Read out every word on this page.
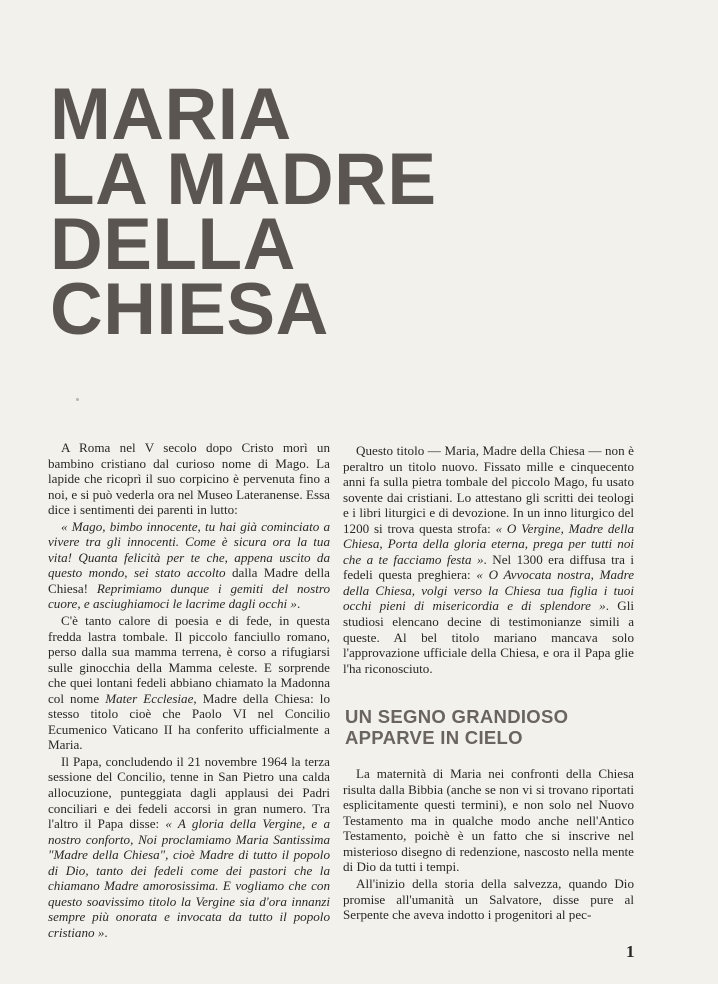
MARIA
LA MADRE
DELLA
CHIESA

A Roma nel V secolo dopo Cristo morì un bambino cristiano dal curioso nome di Mago. La lapide che ricoprì il suo corpicino è pervenuta fino a noi, e si può vederla ora nel Museo Lateranense. Essa dice i sentimenti dei parenti in lutto:

« Mago, bimbo innocente, tu hai già cominciato a vivere tra gli innocenti. Come è sicura ora la tua vita! Quanta felicità per te che, appena uscito da questo mondo, sei stato accolto dalla Madre della Chiesa! Reprimiamo dunque i gemiti del nostro cuore, e asciughiamoci le lacrime dagli occhi ».

C'è tanto calore di poesia e di fede, in questa fredda lastra tombale. Il piccolo fanciullo romano, perso dalla sua mamma terrena, è corso a rifugiarsi sulle ginocchia della Mamma celeste. E sorprende che quei lontani fedeli abbiano chiamato la Madonna col nome Mater Ecclesiae, Madre della Chiesa: lo stesso titolo cioè che Paolo VI nel Concilio Ecumenico Vaticano II ha conferito ufficialmente a Maria.

Il Papa, concludendo il 21 novembre 1964 la terza sessione del Concilio, tenne in San Pietro una calda allocuzione, punteggiata dagli applausi dei Padri conciliari e dei fedeli accorsi in gran numero. Tra l'altro il Papa disse: « A gloria della Vergine, e a nostro conforto, Noi proclamiamo Maria Santissima "Madre della Chiesa", cioè Madre di tutto il popolo di Dio, tanto dei fedeli come dei pastori che la chiamano Madre amorosissima. E vogliamo che con questo soavissimo titolo la Vergine sia d'ora innanzi sempre più onorata e invocata da tutto il popolo cristiano ».

Questo titolo — Maria, Madre della Chiesa — non è peraltro un titolo nuovo. Fissato mille e cinquecento anni fa sulla pietra tombale del piccolo Mago, fu usato sovente dai cristiani. Lo attestano gli scritti dei teologi e i libri liturgici e di devozione. In un inno liturgico del 1200 si trova questa strofa: « O Vergine, Madre della Chiesa, Porta della gloria eterna, prega per tutti noi che a te facciamo festa ». Nel 1300 era diffusa tra i fedeli questa preghiera: « O Avvocata nostra, Madre della Chiesa, volgi verso la Chiesa tua figlia i tuoi occhi pieni di misericordia e di splendore ». Gli studiosi elencano decine di testimonianze simili a queste. Al bel titolo mariano mancava solo l'approvazione ufficiale della Chiesa, e ora il Papa glie l'ha riconosciuto.

UN SEGNO GRANDIOSO
APPARVE IN CIELO

La maternità di Maria nei confronti della Chiesa risulta dalla Bibbia (anche se non vi si trovano riportati esplicitamente questi termini), e non solo nel Nuovo Testamento ma in qualche modo anche nell'Antico Testamento, poichè è un fatto che si inscrive nel misterioso disegno di redenzione, nascosto nella mente di Dio da tutti i tempi.

All'inizio della storia della salvezza, quando Dio promise all'umanità un Salvatore, disse pure al Serpente che aveva indotto i progenitori al pec-

1
